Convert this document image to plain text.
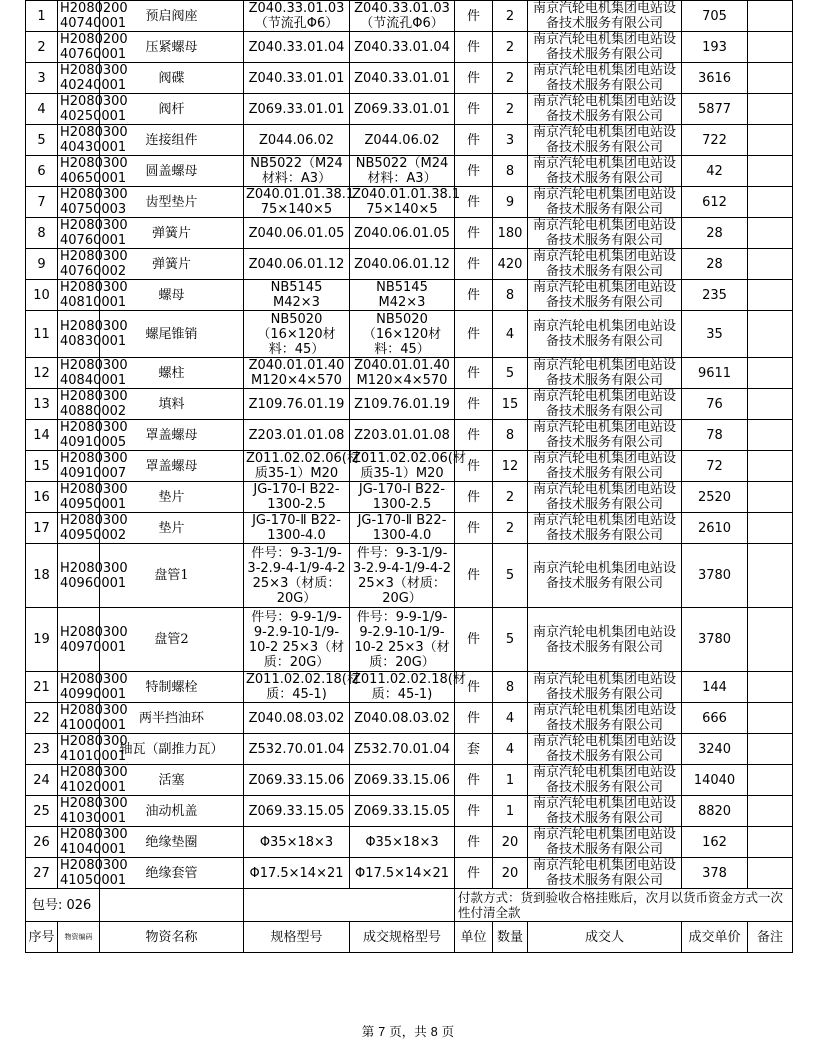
1	H2080200 40740001	预启阀座	Z040.33.01.03（节流孔Φ6）	Z040.33.01.03（节流孔Φ6）	件	2	南京汽轮电机集团电站设备技术服务有限公司	705	
2	H2080200 40760001	压紧螺母	Z040.33.01.04	Z040.33.01.04	件	2	南京汽轮电机集团电站设备技术服务有限公司	193	
3	H2080300 40240001	阀碟	Z040.33.01.01	Z040.33.01.01	件	2	南京汽轮电机集团电站设备技术服务有限公司	3616	
4	H2080300 40250001	阀杆	Z069.33.01.01	Z069.33.01.01	件	2	南京汽轮电机集团电站设备技术服务有限公司	5877	
5	H2080300 40430001	连接组件	Z044.06.02	Z044.06.02	件	3	南京汽轮电机集团电站设备技术服务有限公司	722	
6	H2080300 40650001	圆盖螺母	NB5022（M24材料：A3）	NB5022（M24材料：A3）	件	8	南京汽轮电机集团电站设备技术服务有限公司	42	
7	H2080300 40750003	齿型垫片	Z040.01.01.38.1 75×140×5	Z040.01.01.38.1 75×140×5	件	9	南京汽轮电机集团电站设备技术服务有限公司	612	
8	H2080300 40760001	弹簧片	Z040.06.01.05	Z040.06.01.05	件	180	南京汽轮电机集团电站设备技术服务有限公司	28	
9	H2080300 40760002	弹簧片	Z040.06.01.12	Z040.06.01.12	件	420	南京汽轮电机集团电站设备技术服务有限公司	28	
10	H2080300 40810001	螺母	NB5145 M42×3	NB5145 M42×3	件	8	南京汽轮电机集团电站设备技术服务有限公司	235	
11	H2080300 40830001	螺尾锥销	NB5020 （16×120材料：45）	NB5020 （16×120材料：45）	件	4	南京汽轮电机集团电站设备技术服务有限公司	35	
12	H2080300 40840001	螺柱	Z040.01.01.40 M120×4×570	Z040.01.01.40 M120×4×570	件	5	南京汽轮电机集团电站设备技术服务有限公司	9611	
13	H2080300 40880002	填料	Z109.76.01.19	Z109.76.01.19	件	15	南京汽轮电机集团电站设备技术服务有限公司	76	
14	H2080300 40910005	罩盖螺母	Z203.01.01.08	Z203.01.01.08	件	8	南京汽轮电机集团电站设备技术服务有限公司	78	
15	H2080300 40910007	罩盖螺母	Z011.02.02.06(材质35-1）M20	Z011.02.02.06(材质35-1）M20	件	12	南京汽轮电机集团电站设备技术服务有限公司	72	
16	H2080300 40950001	垫片	JG-170-Ⅰ B22-1300-2.5	JG-170-Ⅰ B22-1300-2.5	件	2	南京汽轮电机集团电站设备技术服务有限公司	2520	
17	H2080300 40950002	垫片	JG-170-Ⅱ B22-1300-4.0	JG-170-Ⅱ B22-1300-4.0	件	2	南京汽轮电机集团电站设备技术服务有限公司	2610	
18	H2080300 40960001	盘管1	件号：9-3-1/9-3-2.9-4-1/9-4-2 25×3（材质：20G）	件号：9-3-1/9-3-2.9-4-1/9-4-2 25×3（材质：20G）	件	5	南京汽轮电机集团电站设备技术服务有限公司	3780	
19	H2080300 40970001	盘管2	件号：9-9-1/9-9-2.9-10-1/9-10-2 25×3（材质：20G）	件号：9-9-1/9-9-2.9-10-1/9-10-2 25×3（材质：20G）	件	5	南京汽轮电机集团电站设备技术服务有限公司	3780	
21	H2080300 40990001	特制螺栓	Z011.02.02.18(材质：45-1)	Z011.02.02.18(材质：45-1)	件	8	南京汽轮电机集团电站设备技术服务有限公司	144	
22	H2080300 41000001	两半挡油环	Z040.08.03.02	Z040.08.03.02	件	4	南京汽轮电机集团电站设备技术服务有限公司	666	
23	H2080300 41010001	轴瓦（副推力瓦）	Z532.70.01.04	Z532.70.01.04	套	4	南京汽轮电机集团电站设备技术服务有限公司	3240	
24	H2080300 41020001	活塞	Z069.33.15.06	Z069.33.15.06	件	1	南京汽轮电机集团电站设备技术服务有限公司	14040	
25	H2080300 41030001	油动机盖	Z069.33.15.05	Z069.33.15.05	件	1	南京汽轮电机集团电站设备技术服务有限公司	8820	
26	H2080300 41040001	绝缘垫圈	Φ35×18×3	Φ35×18×3	件	20	南京汽轮电机集团电站设备技术服务有限公司	162	
27	H2080300 41050001	绝缘套管	Φ17.5×14×21	Φ17.5×14×21	件	20	南京汽轮电机集团电站设备技术服务有限公司	378	
包号: 026					付款方式：货到验收合格挂账后，次月以货币资金方式一次性付清全款				
序号	物资编码	物资名称	规格型号	成交规格型号	单位	数量	成交人	成交单价	备注
第 7 页，共 8 页
